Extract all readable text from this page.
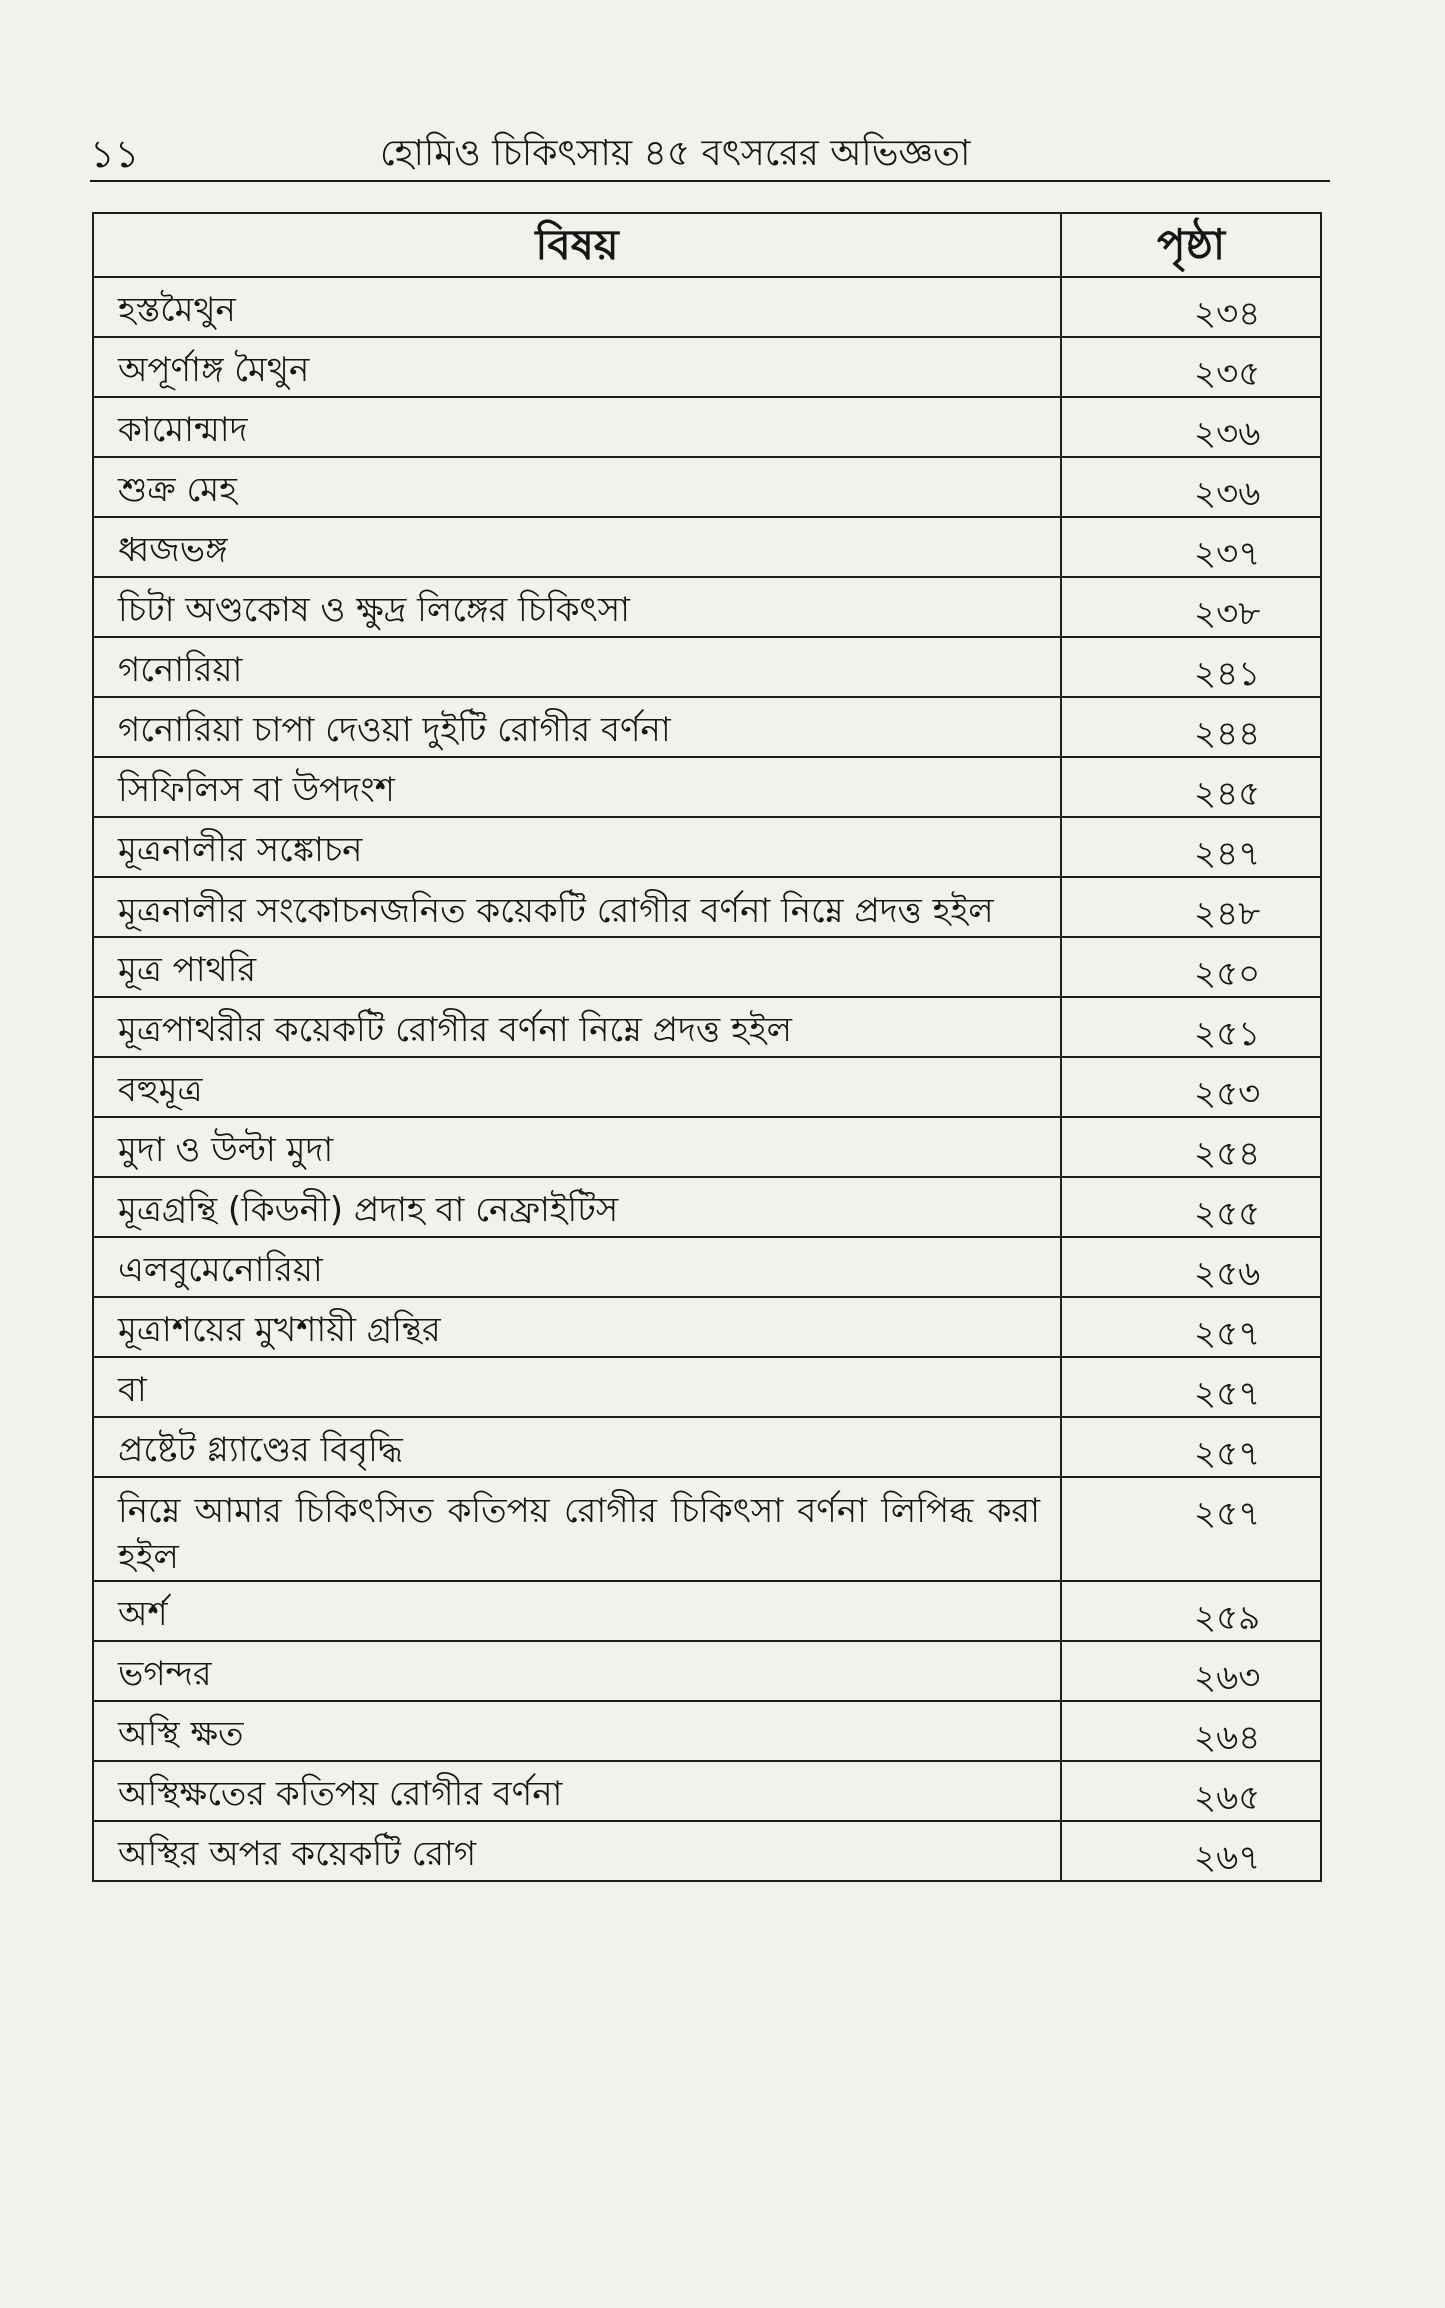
১১	হোমিও চিকিৎসায় ৪৫ বৎসরের অভিজ্ঞতা
বিষয়	পৃষ্ঠা
হস্তমৈথুন	২৩৪
অপূর্ণাঙ্গ মৈথুন	২৩৫
কামোন্মাদ	২৩৬
শুক্র মেহ	২৩৬
ধ্বজভঙ্গ	২৩৭
চিটা অণ্ডকোষ ও ক্ষুদ্র লিঙ্গের চিকিৎসা	২৩৮
গনোরিয়া	২৪১
গনোরিয়া চাপা দেওয়া দুইটি রোগীর বর্ণনা	২৪৪
সিফিলিস বা উপদংশ	২৪৫
মূত্রনালীর সঙ্কোচন	২৪৭
মূত্রনালীর সংকোচনজনিত কয়েকটি রোগীর বর্ণনা নিম্নে প্রদত্ত হইল	২৪৮
মূত্র পাথরি	২৫০
মূত্রপাথরীর কয়েকটি রোগীর বর্ণনা নিম্নে প্রদত্ত হইল	২৫১
বহুমূত্র	২৫৩
মুদা ও উল্টা মুদা	২৫৪
মূত্রগ্রন্থি (কিডনী) প্রদাহ বা নেফ্রাইটিস	২৫৫
এলবুমেনোরিয়া	২৫৬
মূত্রাশয়ের মুখশায়ী গ্রন্থির	২৫৭
বা	২৫৭
প্রষ্টেট গ্ল্যাণ্ডের বিবৃদ্ধি	২৫৭
নিম্নে আমার চিকিৎসিত কতিপয় রোগীর চিকিৎসা বর্ণনা লিপিব্ধ করা হইল	২৫৭
অর্শ	২৫৯
ভগন্দর	২৬৩
অস্থি ক্ষত	২৬৪
অস্থিক্ষতের কতিপয় রোগীর বর্ণনা	২৬৫
অস্থির অপর কয়েকটি রোগ	২৬৭
